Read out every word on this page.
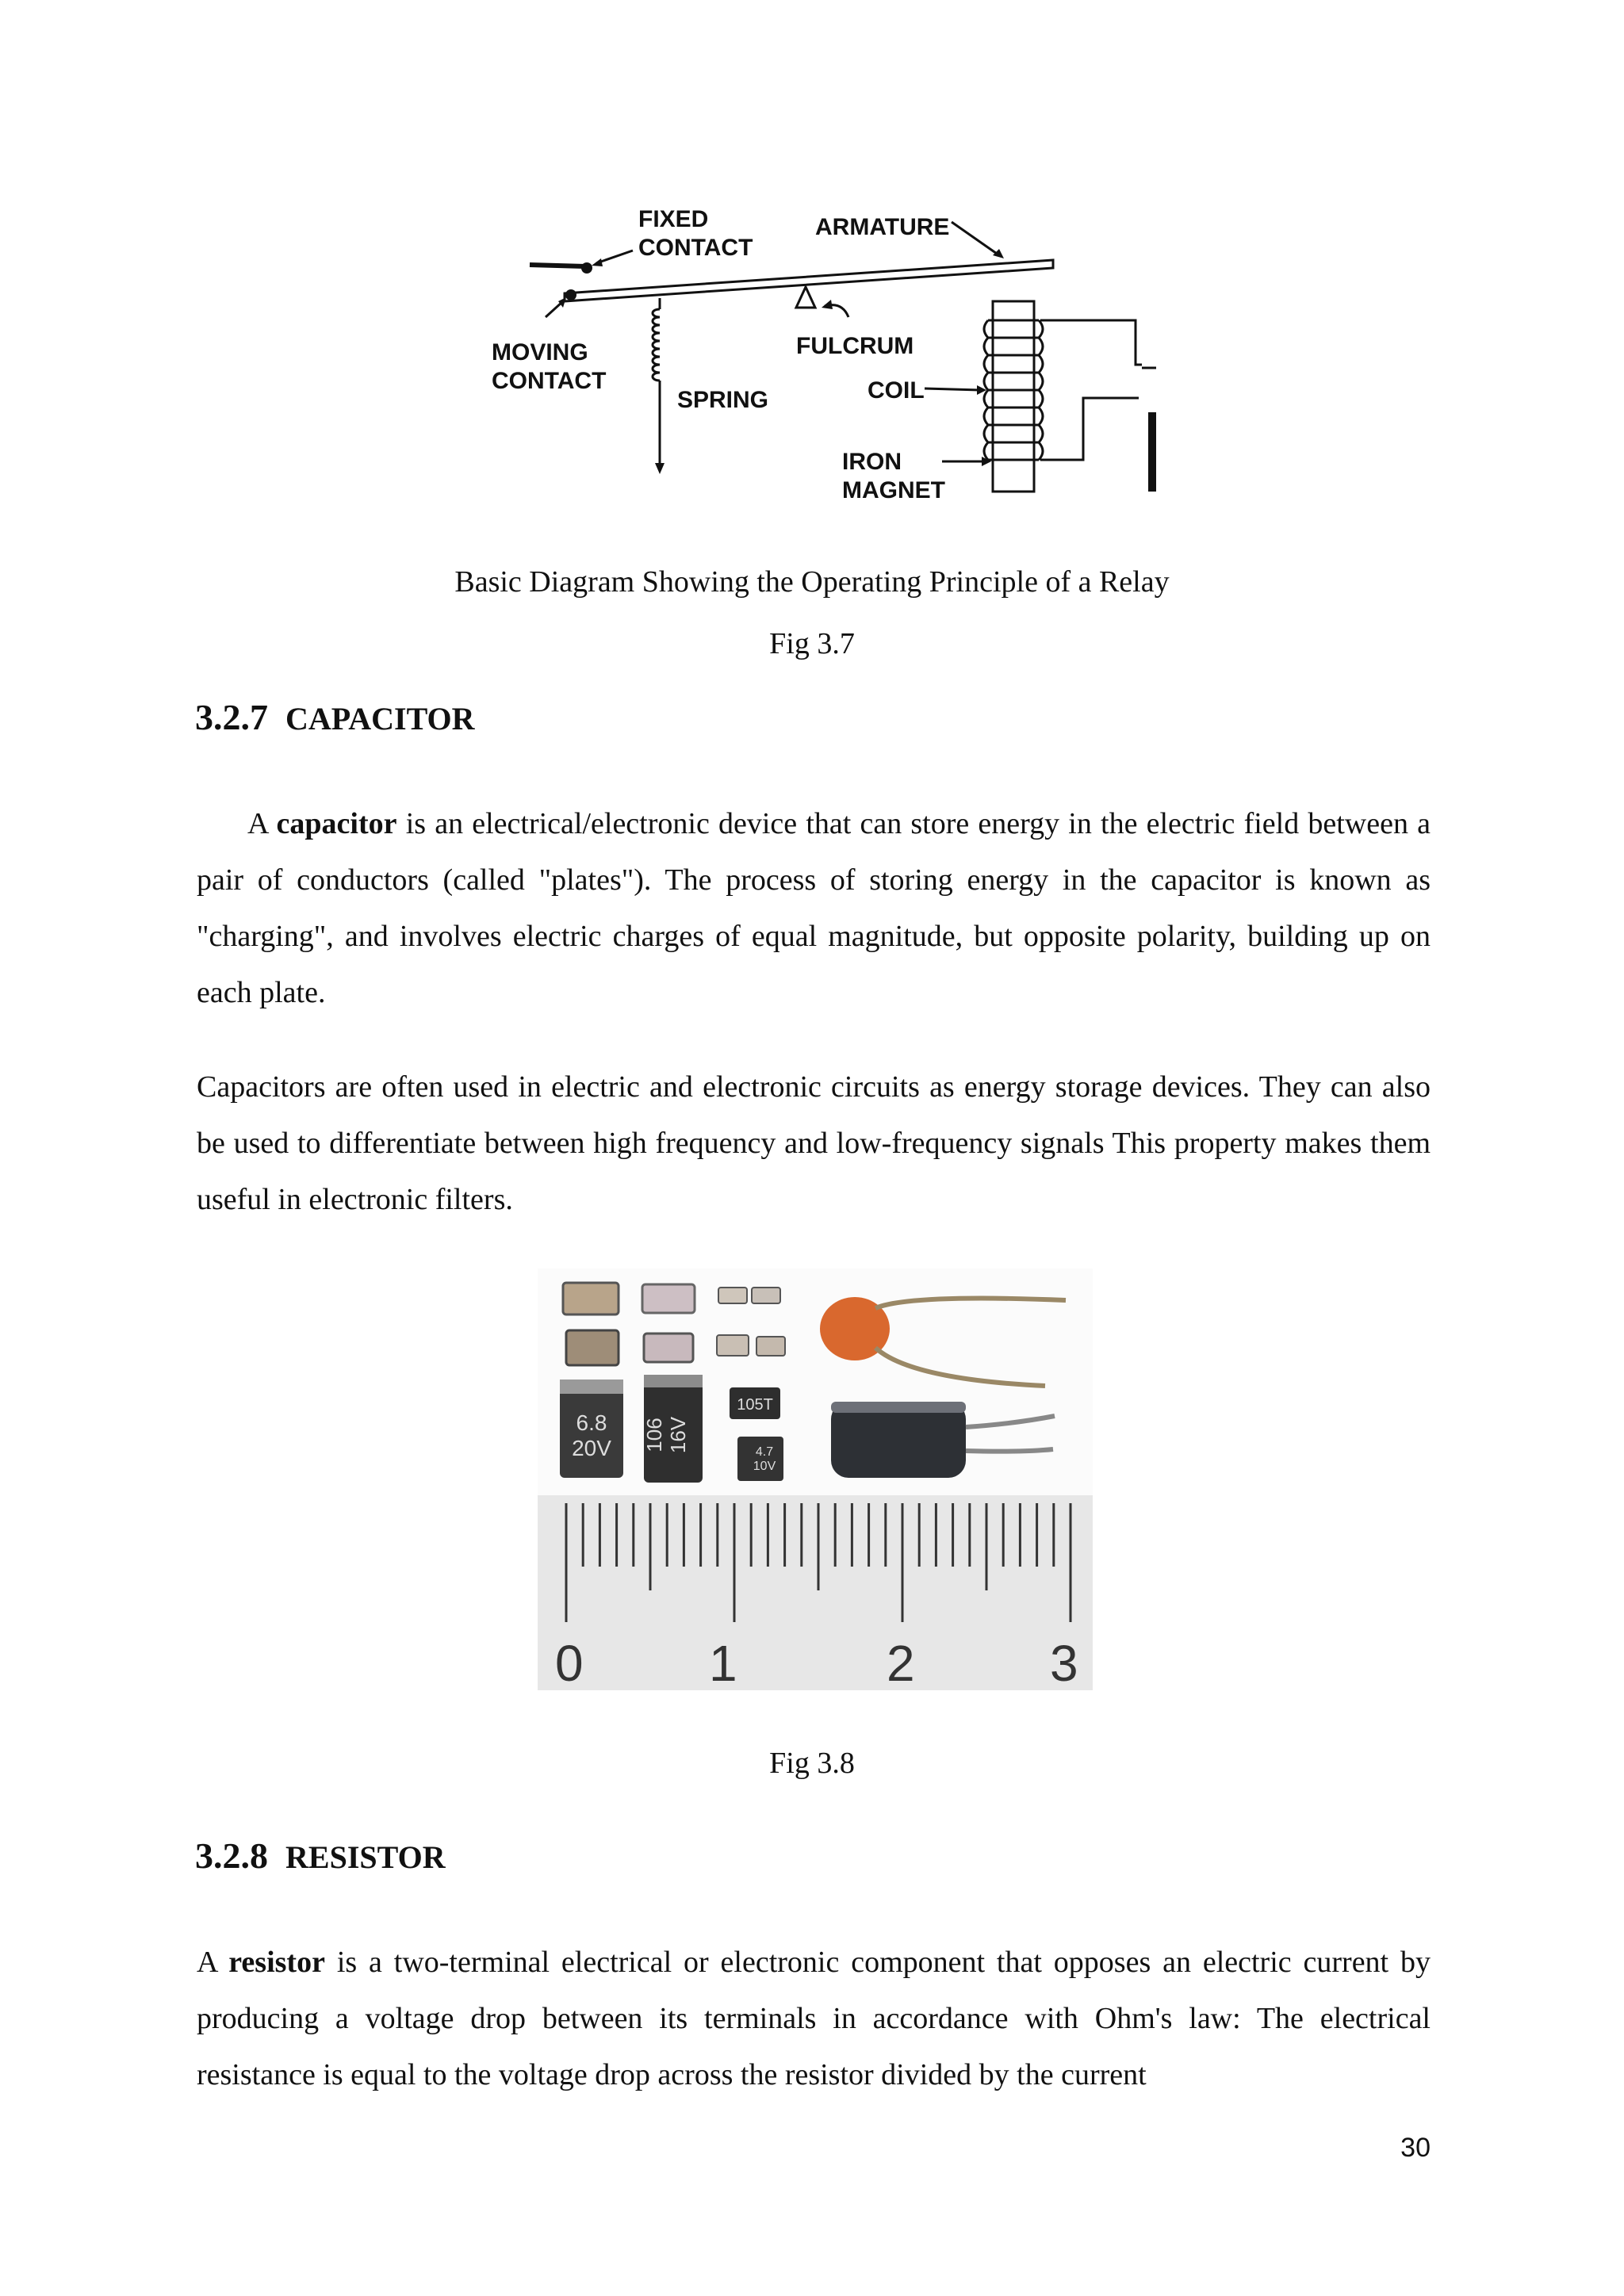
FIXED
CONTACT
ARMATURE
MOVING
CONTACT
FULCRUM
SPRING	COIL
IRON
MAGNET
Basic Diagram Showing the Operating Principle of a Relay
Fig 3.7
3.2.7 CAPACITOR

A capacitor is an electrical/electronic device that can store energy in the electric field between a pair of conductors (called "plates"). The process of storing energy in the capacitor is known as "charging", and involves electric charges of equal magnitude, but opposite polarity, building up on each plate.

Capacitors are often used in electric and electronic circuits as energy storage devices. They can also be used to differentiate between high frequency and low-frequency signals This property makes them useful in electronic filters.

6.8
20V 106 16V
105T
4.7
10V
0 1	2	3
Fig 3.8
3.2.8 RESISTOR

A resistor is a two-terminal electrical or electronic component that opposes an electric current by producing a voltage drop between its terminals in accordance with Ohm's law: The electrical resistance is equal to the voltage drop across the resistor divided by the current

30
